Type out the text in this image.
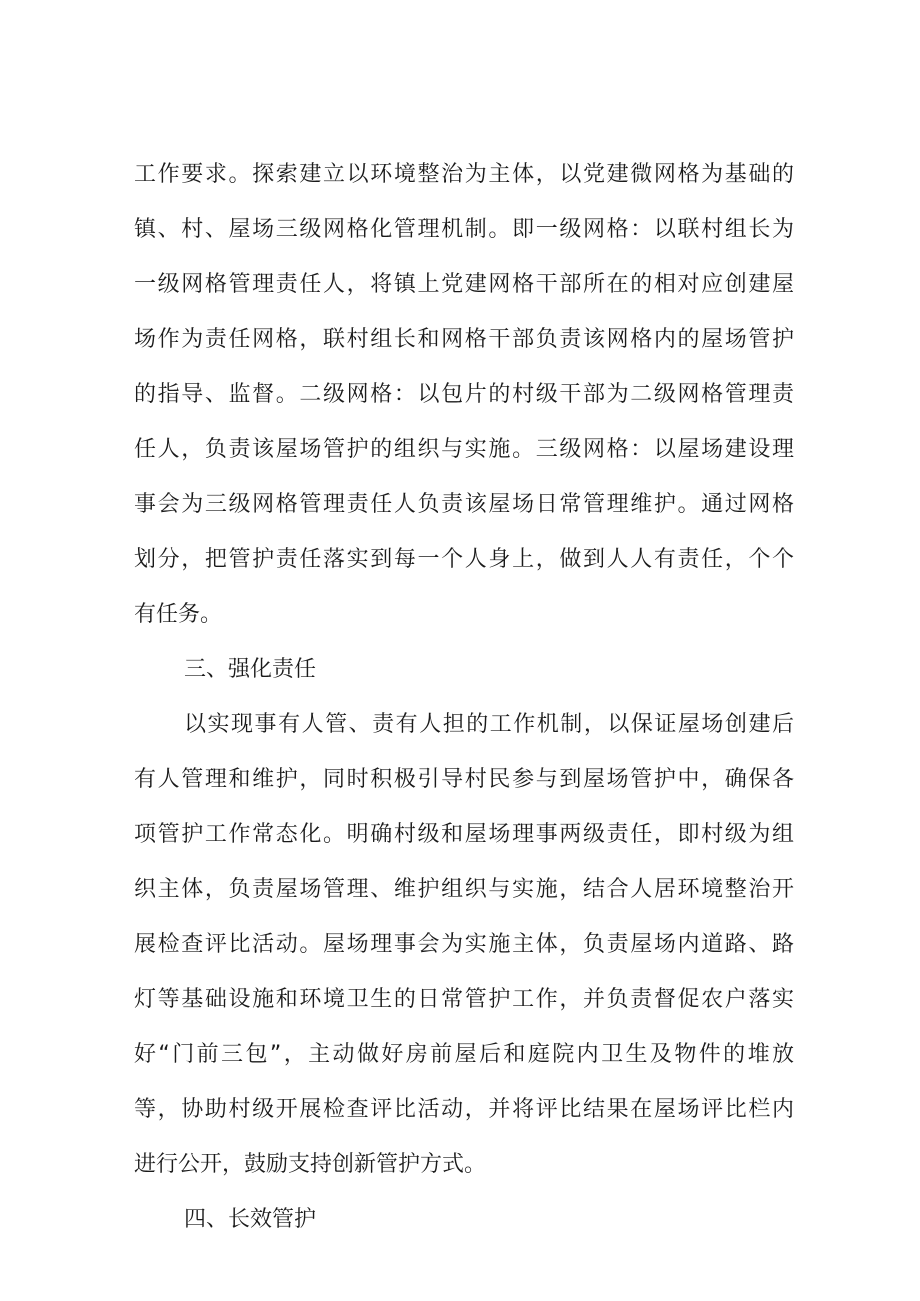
工作要求。探索建立以环境整治为主体，以党建微网格为基础的
镇、村、屋场三级网格化管理机制。即一级网格：以联村组长为
一级网格管理责任人，将镇上党建网格干部所在的相对应创建屋
场作为责任网格，联村组长和网格干部负责该网格内的屋场管护
的指导、监督。二级网格：以包片的村级干部为二级网格管理责
任人，负责该屋场管护的组织与实施。三级网格：以屋场建设理
事会为三级网格管理责任人负责该屋场日常管理维护。通过网格
划分，把管护责任落实到每一个人身上，做到人人有责任，个个
有任务。
三、强化责任
以实现事有人管、责有人担的工作机制，以保证屋场创建后
有人管理和维护，同时积极引导村民参与到屋场管护中，确保各
项管护工作常态化。明确村级和屋场理事两级责任，即村级为组
织主体，负责屋场管理、维护组织与实施，结合人居环境整治开
展检查评比活动。屋场理事会为实施主体，负责屋场内道路、路
灯等基础设施和环境卫生的日常管护工作，并负责督促农户落实
好“门前三包”，主动做好房前屋后和庭院内卫生及物件的堆放
等，协助村级开展检查评比活动，并将评比结果在屋场评比栏内
进行公开，鼓励支持创新管护方式。
四、长效管护
